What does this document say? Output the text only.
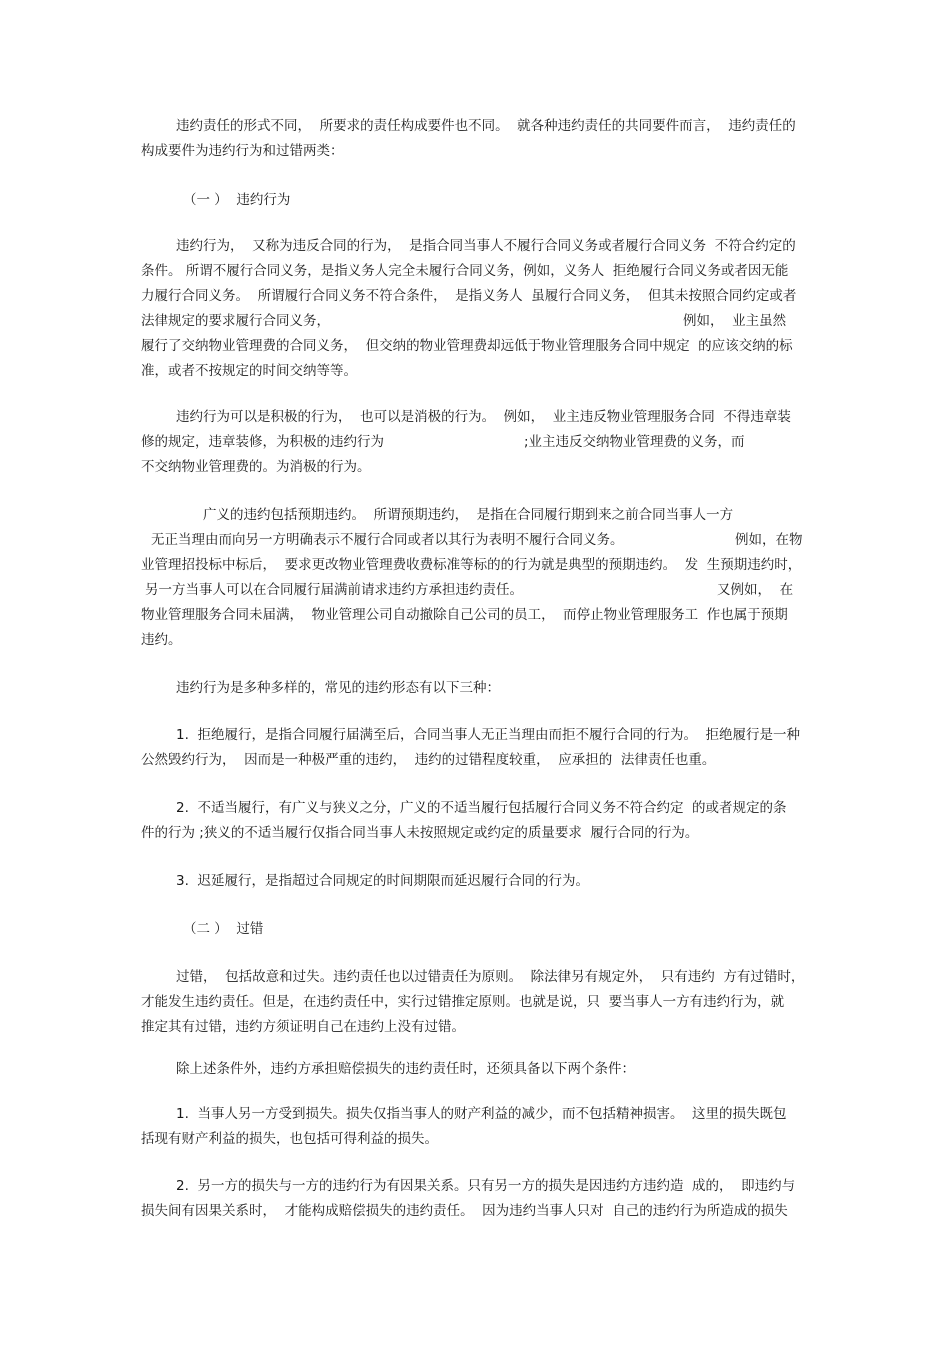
违约责任的形式不同，  所要求的责任构成要件也不同。  就各种违约责任的共同要件而言，  违约责任的
构成要件为违约行为和过错两类：
（一 ）  违约行为
违约行为，  又称为违反合同的行为，  是指合同当事人不履行合同义务或者履行合同义务  不符合约定的
条件。 所谓不履行合同义务，是指义务人完全未履行合同义务，例如，义务人  拒绝履行合同义务或者因无能
力履行合同义务。  所谓履行合同义务不符合条件，  是指义务人  虽履行合同义务，  但其未按照合同约定或者
法律规定的要求履行合同义务，	例如，  业主虽然
履行了交纳物业管理费的合同义务，  但交纳的物业管理费却远低于物业管理服务合同中规定  的应该交纳的标
准，或者不按规定的时间交纳等等。
违约行为可以是积极的行为，  也可以是消极的行为。  例如，  业主违反物业管理服务合同  不得违章装
修的规定，违章装修，为积极的违约行为	;业主违反交纳物业管理费的义务，而
不交纳物业管理费的。为消极的行为。
广义的违约包括预期违约。  所谓预期违约，  是指在合同履行期到来之前合同当事人一方
无正当理由而向另一方明确表示不履行合同或者以其行为表明不履行合同义务。	例如，在物
业管理招投标中标后，  要求更改物业管理费收费标准等标的的行为就是典型的预期违约。  发  生预期违约时，
另一方当事人可以在合同履行届满前请求违约方承担违约责任。	又例如，  在
物业管理服务合同未届满，  物业管理公司自动撤除自己公司的员工，  而停止物业管理服务工  作也属于预期
违约。
违约行为是多种多样的，常见的违约形态有以下三种：
1.  拒绝履行，是指合同履行届满至后，合同当事人无正当理由而拒不履行合同的行为。  拒绝履行是一种
公然毁约行为，  因而是一种极严重的违约，  违约的过错程度较重，  应承担的  法律责任也重。
2.  不适当履行，有广义与狭义之分，广义的不适当履行包括履行合同义务不符合约定  的或者规定的条
件的行为 ;狭义的不适当履行仅指合同当事人未按照规定或约定的质量要求  履行合同的行为。
3.  迟延履行，是指超过合同规定的时间期限而延迟履行合同的行为。
（二 ）  过错
过错，  包括故意和过失。违约责任也以过错责任为原则。  除法律另有规定外，  只有违约  方有过错时，
才能发生违约责任。但是，在违约责任中，实行过错推定原则。也就是说，只  要当事人一方有违约行为，就
推定其有过错，违约方须证明自己在违约上没有过错。
除上述条件外，违约方承担赔偿损失的违约责任时，还须具备以下两个条件：
1.  当事人另一方受到损失。损失仅指当事人的财产利益的减少，而不包括精神损害。  这里的损失既包
括现有财产利益的损失，也包括可得利益的损失。
2.  另一方的损失与一方的违约行为有因果关系。只有另一方的损失是因违约方违约造  成的，  即违约与
损失间有因果关系时，  才能构成赔偿损失的违约责任。  因为违约当事人只对  自己的违约行为所造成的损失
